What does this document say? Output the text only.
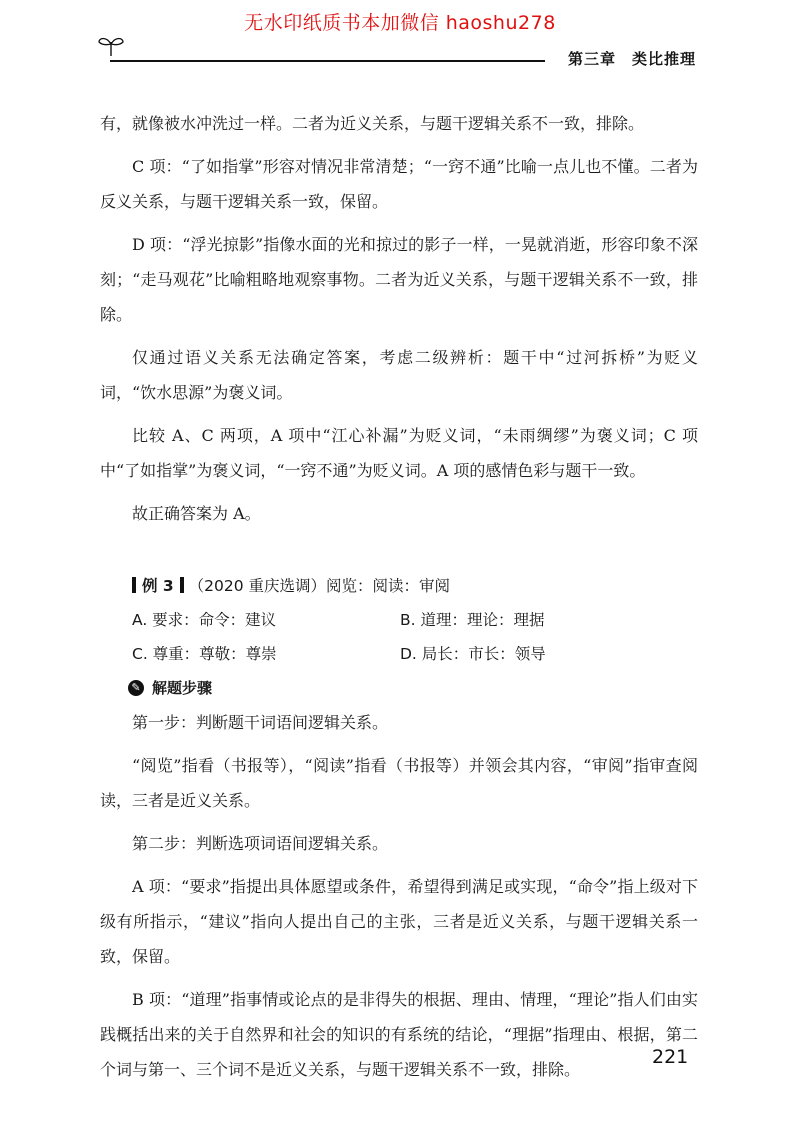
无水印纸质书本加微信 haoshu278
第三章　类比推理

有，就像被水冲洗过一样。二者为近义关系，与题干逻辑关系不一致，排除。

C 项：“了如指掌”形容对情况非常清楚；“一窍不通”比喻一点儿也不懂。二者为反义关系，与题干逻辑关系一致，保留。

D 项：“浮光掠影”指像水面的光和掠过的影子一样，一晃就消逝，形容印象不深刻；“走马观花”比喻粗略地观察事物。二者为近义关系，与题干逻辑关系不一致，排除。

仅通过语义关系无法确定答案，考虑二级辨析：题干中“过河拆桥”为贬义词，“饮水思源”为褒义词。

比较 A、C 两项，A 项中“江心补漏”为贬义词，“未雨绸缪”为褒义词；C 项中“了如指掌”为褒义词，“一窍不通”为贬义词。A 项的感情色彩与题干一致。

故正确答案为 A。

例 3 （2020 重庆选调）阅览：阅读：审阅
A. 要求：命令：建议	B. 道理：理论：理据
C. 尊重：尊敬：尊崇	D. 局长：市长：领导
✎ 解题步骤

第一步：判断题干词语间逻辑关系。

“阅览”指看（书报等），“阅读”指看（书报等）并领会其内容，“审阅”指审查阅读，三者是近义关系。

第二步：判断选项词语间逻辑关系。

A 项：“要求”指提出具体愿望或条件，希望得到满足或实现，“命令”指上级对下级有所指示，“建议”指向人提出自己的主张，三者是近义关系，与题干逻辑关系一致，保留。

B 项：“道理”指事情或论点的是非得失的根据、理由、情理，“理论”指人们由实践概括出来的关于自然界和社会的知识的有系统的结论，“理据”指理由、根据，第二个词与第一、三个词不是近义关系，与题干逻辑关系不一致，排除。

221
